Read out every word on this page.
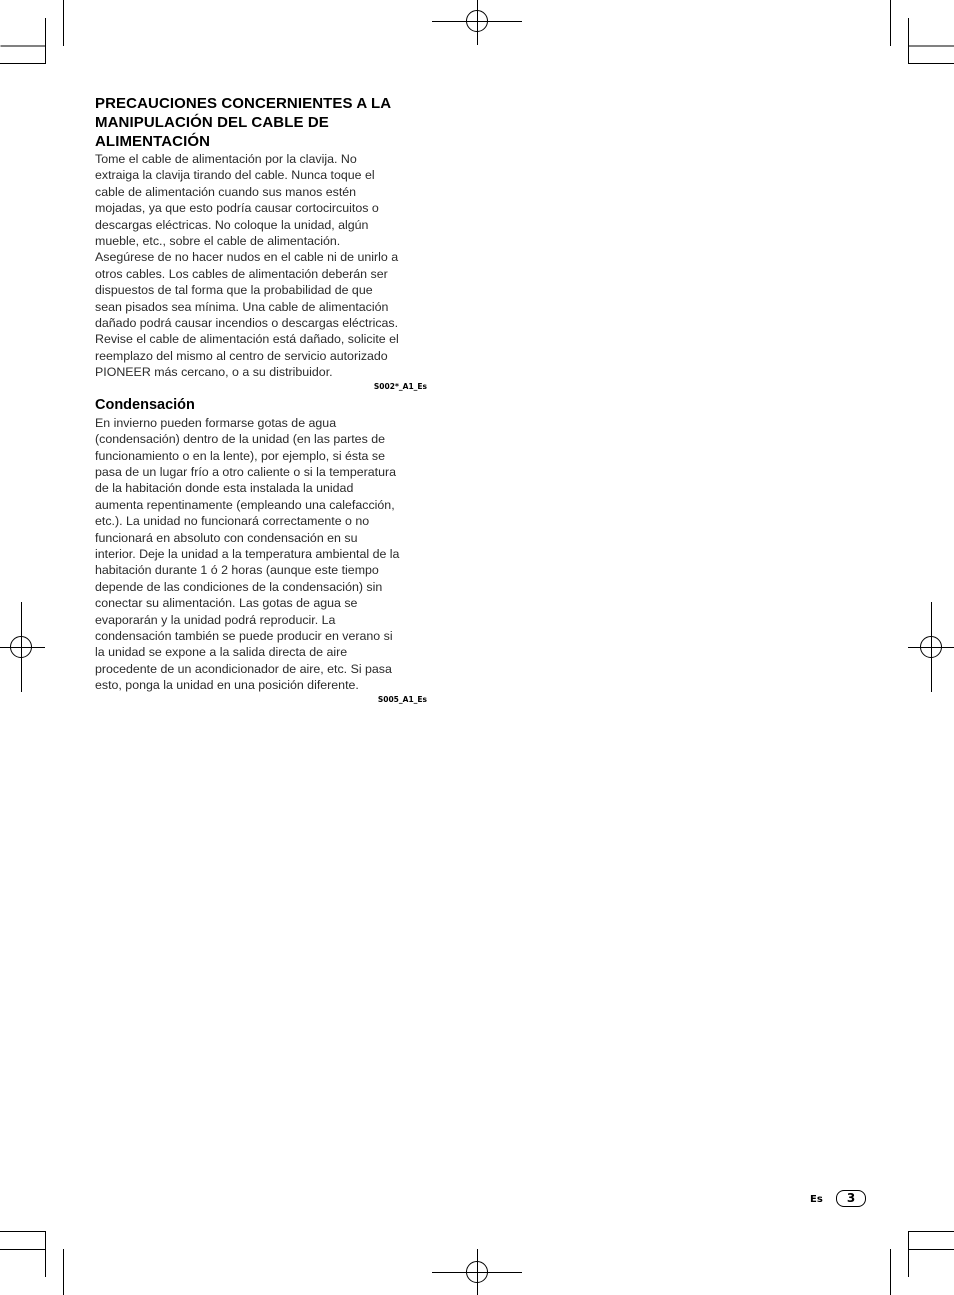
PRECAUCIONES CONCERNIENTES A LA
MANIPULACIÓN DEL CABLE DE
ALIMENTACIÓN

Tome el cable de alimentación por la clavija. No
extraiga la clavija tirando del cable. Nunca toque el
cable de alimentación cuando sus manos estén
mojadas, ya que esto podría causar cortocircuitos o
descargas eléctricas. No coloque la unidad, algún
mueble, etc., sobre el cable de alimentación.
Asegúrese de no hacer nudos en el cable ni de unirlo a
otros cables. Los cables de alimentación deberán ser
dispuestos de tal forma que la probabilidad de que
sean pisados sea mínima. Una cable de alimentación
dañado podrá causar incendios o descargas eléctricas.
Revise el cable de alimentación está dañado, solicite el
reemplazo del mismo al centro de servicio autorizado
PIONEER más cercano, o a su distribuidor.

S002*_A1_Es

Condensación

En invierno pueden formarse gotas de agua
(condensación) dentro de la unidad (en las partes de
funcionamiento o en la lente), por ejemplo, si ésta se
pasa de un lugar frío a otro caliente o si la temperatura
de la habitación donde esta instalada la unidad
aumenta repentinamente (empleando una calefacción,
etc.). La unidad no funcionará correctamente o no
funcionará en absoluto con condensación en su
interior. Deje la unidad a la temperatura ambiental de la
habitación durante 1 ó 2 horas (aunque este tiempo
depende de las condiciones de la condensación) sin
conectar su alimentación. Las gotas de agua se
evaporarán y la unidad podrá reproducir. La
condensación también se puede producir en verano si
la unidad se expone a la salida directa de aire
procedente de un acondicionador de aire, etc. Si pasa
esto, ponga la unidad en una posición diferente.

S005_A1_Es

Es	3
